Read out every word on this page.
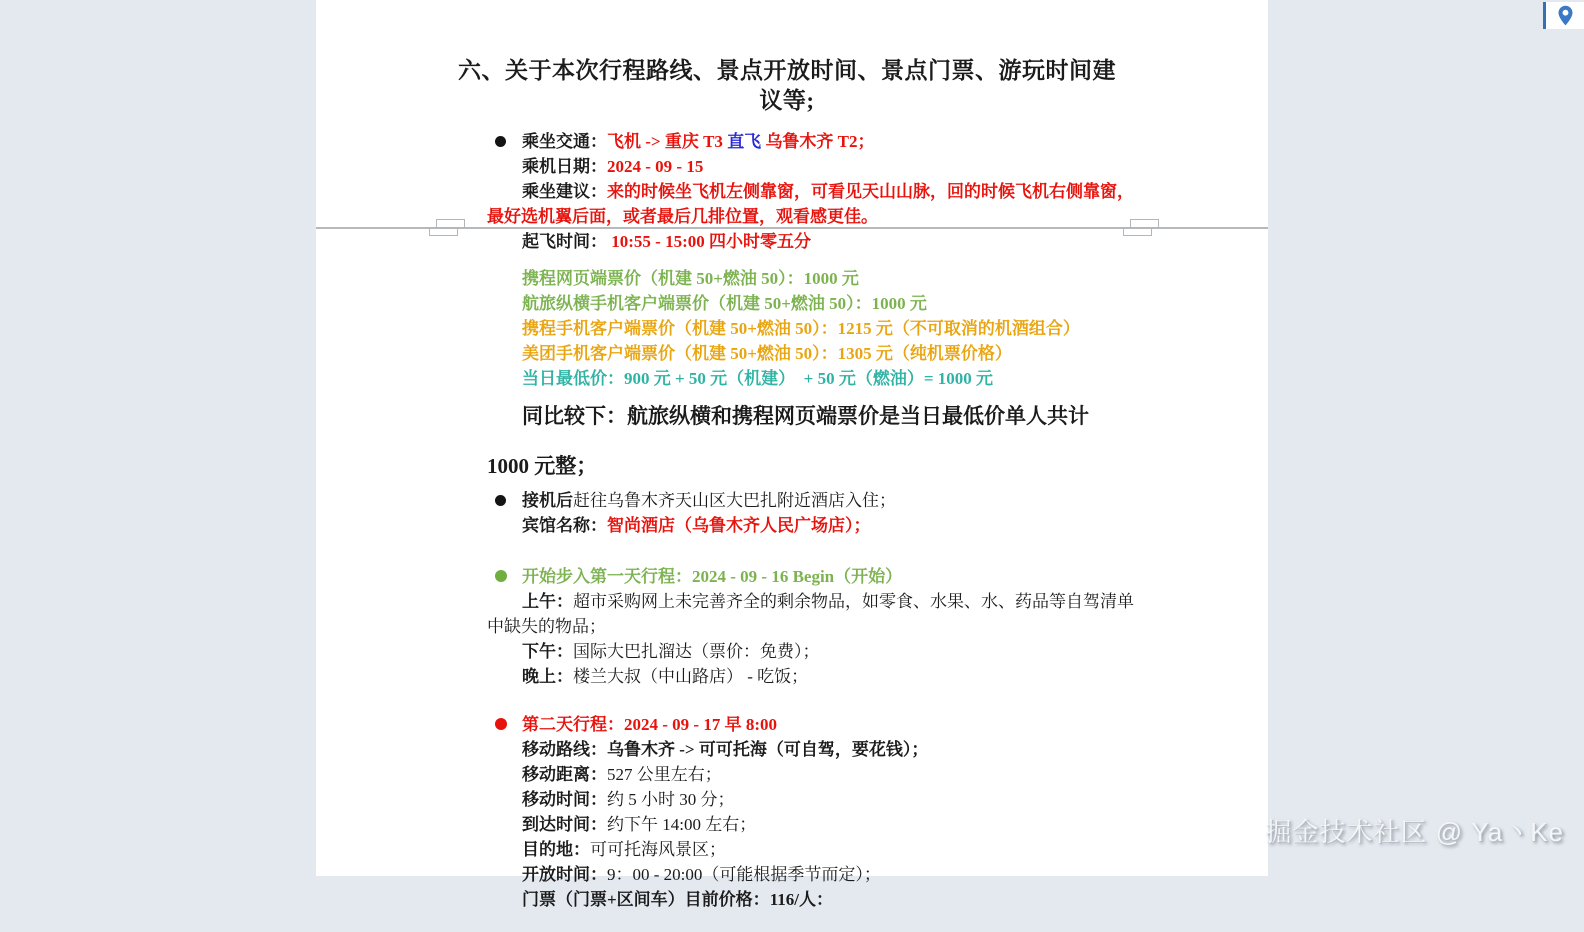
六、关于本次行程路线、景点开放时间、景点门票、游玩时间建议等;
乘坐交通：飞机 -> 重庆 T3 直飞 乌鲁木齐 T2；
乘机日期：2024 - 09 - 15
乘坐建议：来的时候坐飞机左侧靠窗，可看见天山山脉，回的时候飞机右侧靠窗，最好选机翼后面，或者最后几排位置，观看感更佳。
起飞时间： 10:55 - 15:00 四小时零五分
携程网页端票价（机建 50+燃油 50）：1000 元
航旅纵横手机客户端票价（机建 50+燃油 50）：1000 元
携程手机客户端票价（机建 50+燃油 50）：1215 元（不可取消的机酒组合）
美团手机客户端票价（机建 50+燃油 50）：1305 元（纯机票价格）
当日最低价：900 元 + 50 元（机建）　+ 50 元（燃油）= 1000 元
同比较下：航旅纵横和携程网页端票价是当日最低价单人共计
1000 元整；
接机后赶往乌鲁木齐天山区大巴扎附近酒店入住；
宾馆名称：智尚酒店（乌鲁木齐人民广场店）；
开始步入第一天行程：2024 - 09 - 16 Begin（开始）
上午：超市采购网上未完善齐全的剩余物品，如零食、水果、水、药品等自驾清单中缺失的物品；
下午：国际大巴扎溜达（票价：免费）；
晚上：楼兰大叔（中山路店） - 吃饭；
第二天行程：2024 - 09 - 17 早 8:00
移动路线：乌鲁木齐 -> 可可托海（可自驾，要花钱）；
移动距离：527 公里左右；
移动时间：约 5 小时 30 分；
到达时间：约下午 14:00 左右；
目的地：可可托海风景区；
开放时间：9：00 - 20:00（可能根据季节而定）；
门票（门票+区间车）目前价格：116/人：
掘金技术社区 @ Ya丶Ke
